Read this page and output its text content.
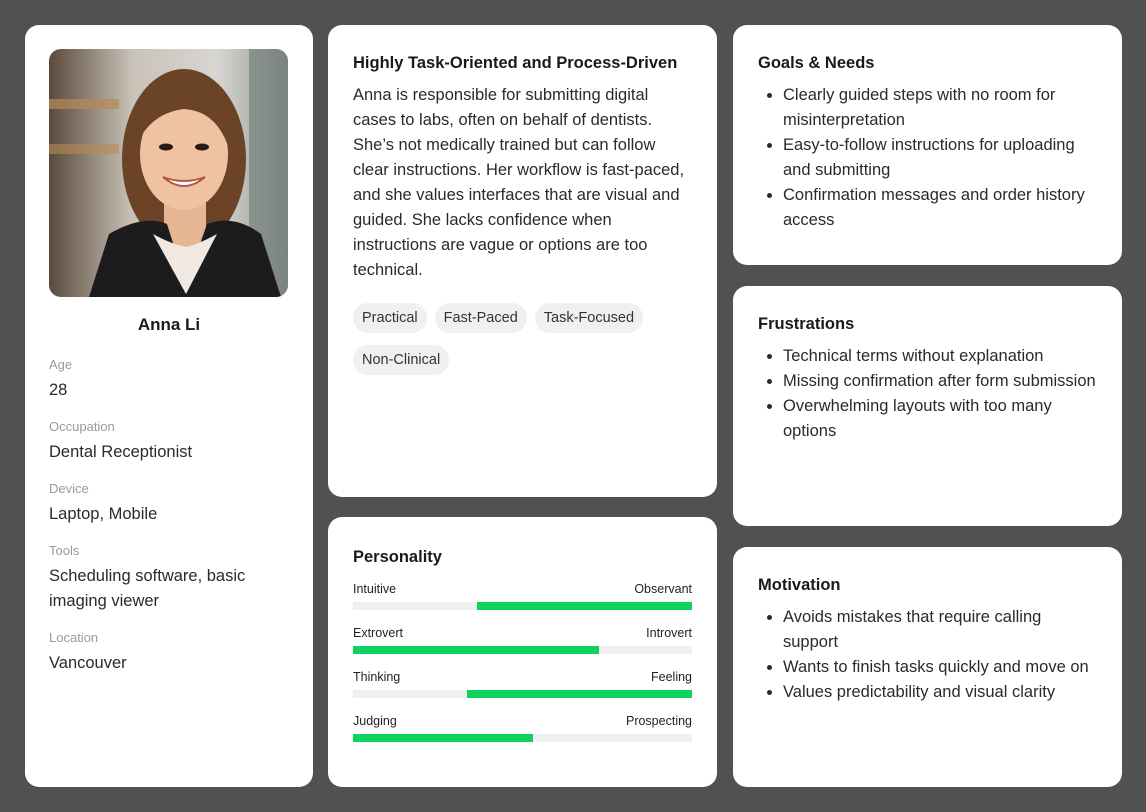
Anna Li
Age
28
Occupation
Dental Receptionist
Device
Laptop, Mobile
Tools
Scheduling software, basic imaging viewer
Location
Vancouver
Highly Task-Oriented and Process-Driven
Anna is responsible for submitting digital cases to labs, often on behalf of dentists. She’s not medically trained but can follow clear instructions. Her workflow is fast-paced, and she values interfaces that are visual and guided. She lacks confidence when instructions are vague or options are too technical.
Practical	Fast-Paced	Task-Focused
Non-Clinical
Personality
Intuitive	Observant
Extrovert	Introvert
Thinking	Feeling
Judging	Prospecting
Goals & Needs
Clearly guided steps with no room for misinterpretation
Easy-to-follow instructions for uploading and submitting
Confirmation messages and order history access
Frustrations
Technical terms without explanation
Missing confirmation after form submission
Overwhelming layouts with too many options
Motivation
Avoids mistakes that require calling support
Wants to finish tasks quickly and move on
Values predictability and visual clarity
